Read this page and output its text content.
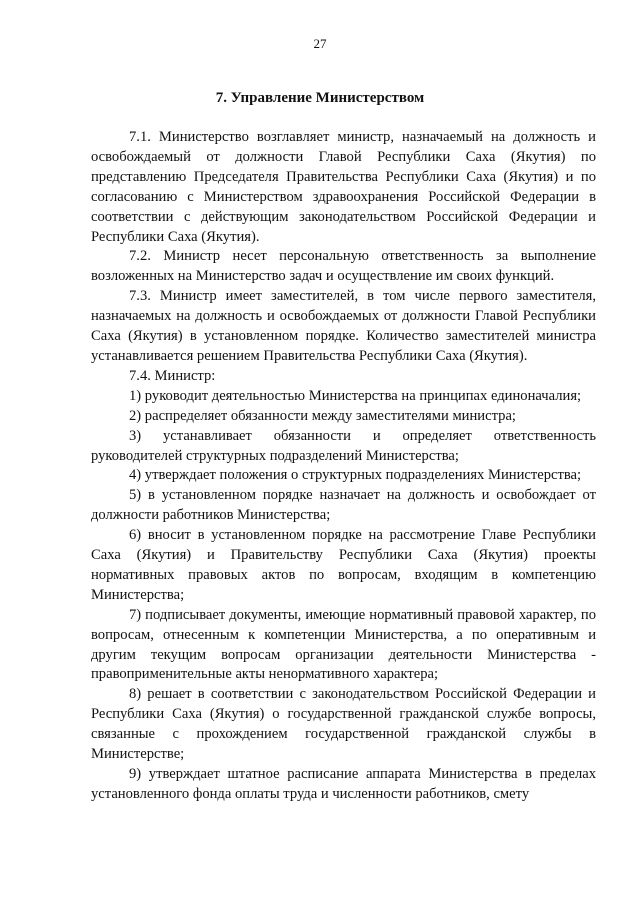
27
7. Управление Министерством

7.1. Министерство возглавляет министр, назначаемый на должность и освобождаемый от должности Главой Республики Саха (Якутия) по представлению Председателя Правительства Республики Саха (Якутия) и по согласованию с Министерством здравоохранения Российской Федерации в соответствии с действующим законодательством Российской Федерации и Республики Саха (Якутия).

7.2. Министр несет персональную ответственность за выполнение возложенных на Министерство задач и осуществление им своих функций.

7.3. Министр имеет заместителей, в том числе первого заместителя, назначаемых на должность и освобождаемых от должности Главой Республики Саха (Якутия) в установленном порядке. Количество заместителей министра устанавливается решением Правительства Республики Саха (Якутия).

7.4. Министр:

1) руководит деятельностью Министерства на принципах единоначалия;

2) распределяет обязанности между заместителями министра;

3) устанавливает обязанности и определяет ответственность руководителей структурных подразделений Министерства;

4) утверждает положения о структурных подразделениях Министерства;

5) в установленном порядке назначает на должность и освобождает от должности работников Министерства;

6) вносит в установленном порядке на рассмотрение Главе Республики Саха (Якутия) и Правительству Республики Саха (Якутия) проекты нормативных правовых актов по вопросам, входящим в компетенцию Министерства;

7) подписывает документы, имеющие нормативный правовой характер, по вопросам, отнесенным к компетенции Министерства, а по оперативным и другим текущим вопросам организации деятельности Министерства - правоприменительные акты ненормативного характера;

8) решает в соответствии с законодательством Российской Федерации и Республики Саха (Якутия) о государственной гражданской службе вопросы, связанные с прохождением государственной гражданской службы в Министерстве;

9) утверждает штатное расписание аппарата Министерства в пределах установленного фонда оплаты труда и численности работников, смету
